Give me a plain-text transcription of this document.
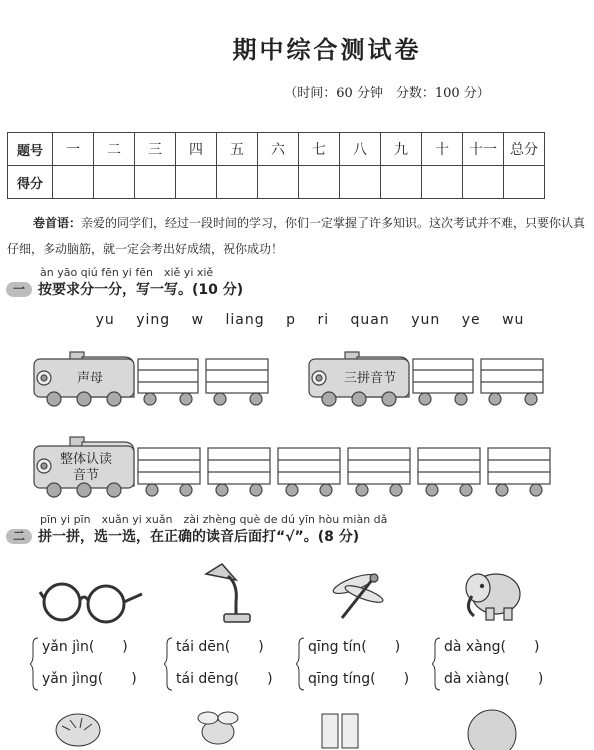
期中综合测试卷
（时间：60 分钟　分数：100 分）
题号	一	二	三	四	五	六	七	八	九	十	十一	总分
得分												
卷首语：亲爱的同学们，经过一段时间的学习，你们一定掌握了许多知识。这次考试并不难，只要你认真仔细，多动脑筋，就一定会考出好成绩，祝你成功！
àn yāo qiú fēn yi fēn　xiě yi xiě
一 按要求分一分，写一写。(10 分)
yu ying w liang p ri quan yun ye wu
声母	三拼音节
整体认读音节
pīn yi pīn　xuǎn yi xuǎn　zài zhèng què de dú yīn hòu miàn dǎ
二 拼一拼，选一选，在正确的读音后面打“√”。(8 分)
yǎn jìn(　　)
yǎn jìng(　　)
tái dēn(　　)
tái dēng(　　)
qīng tín(　　)
qīng tíng(　　)
dà xàng(　　)
dà xiàng(　　)
